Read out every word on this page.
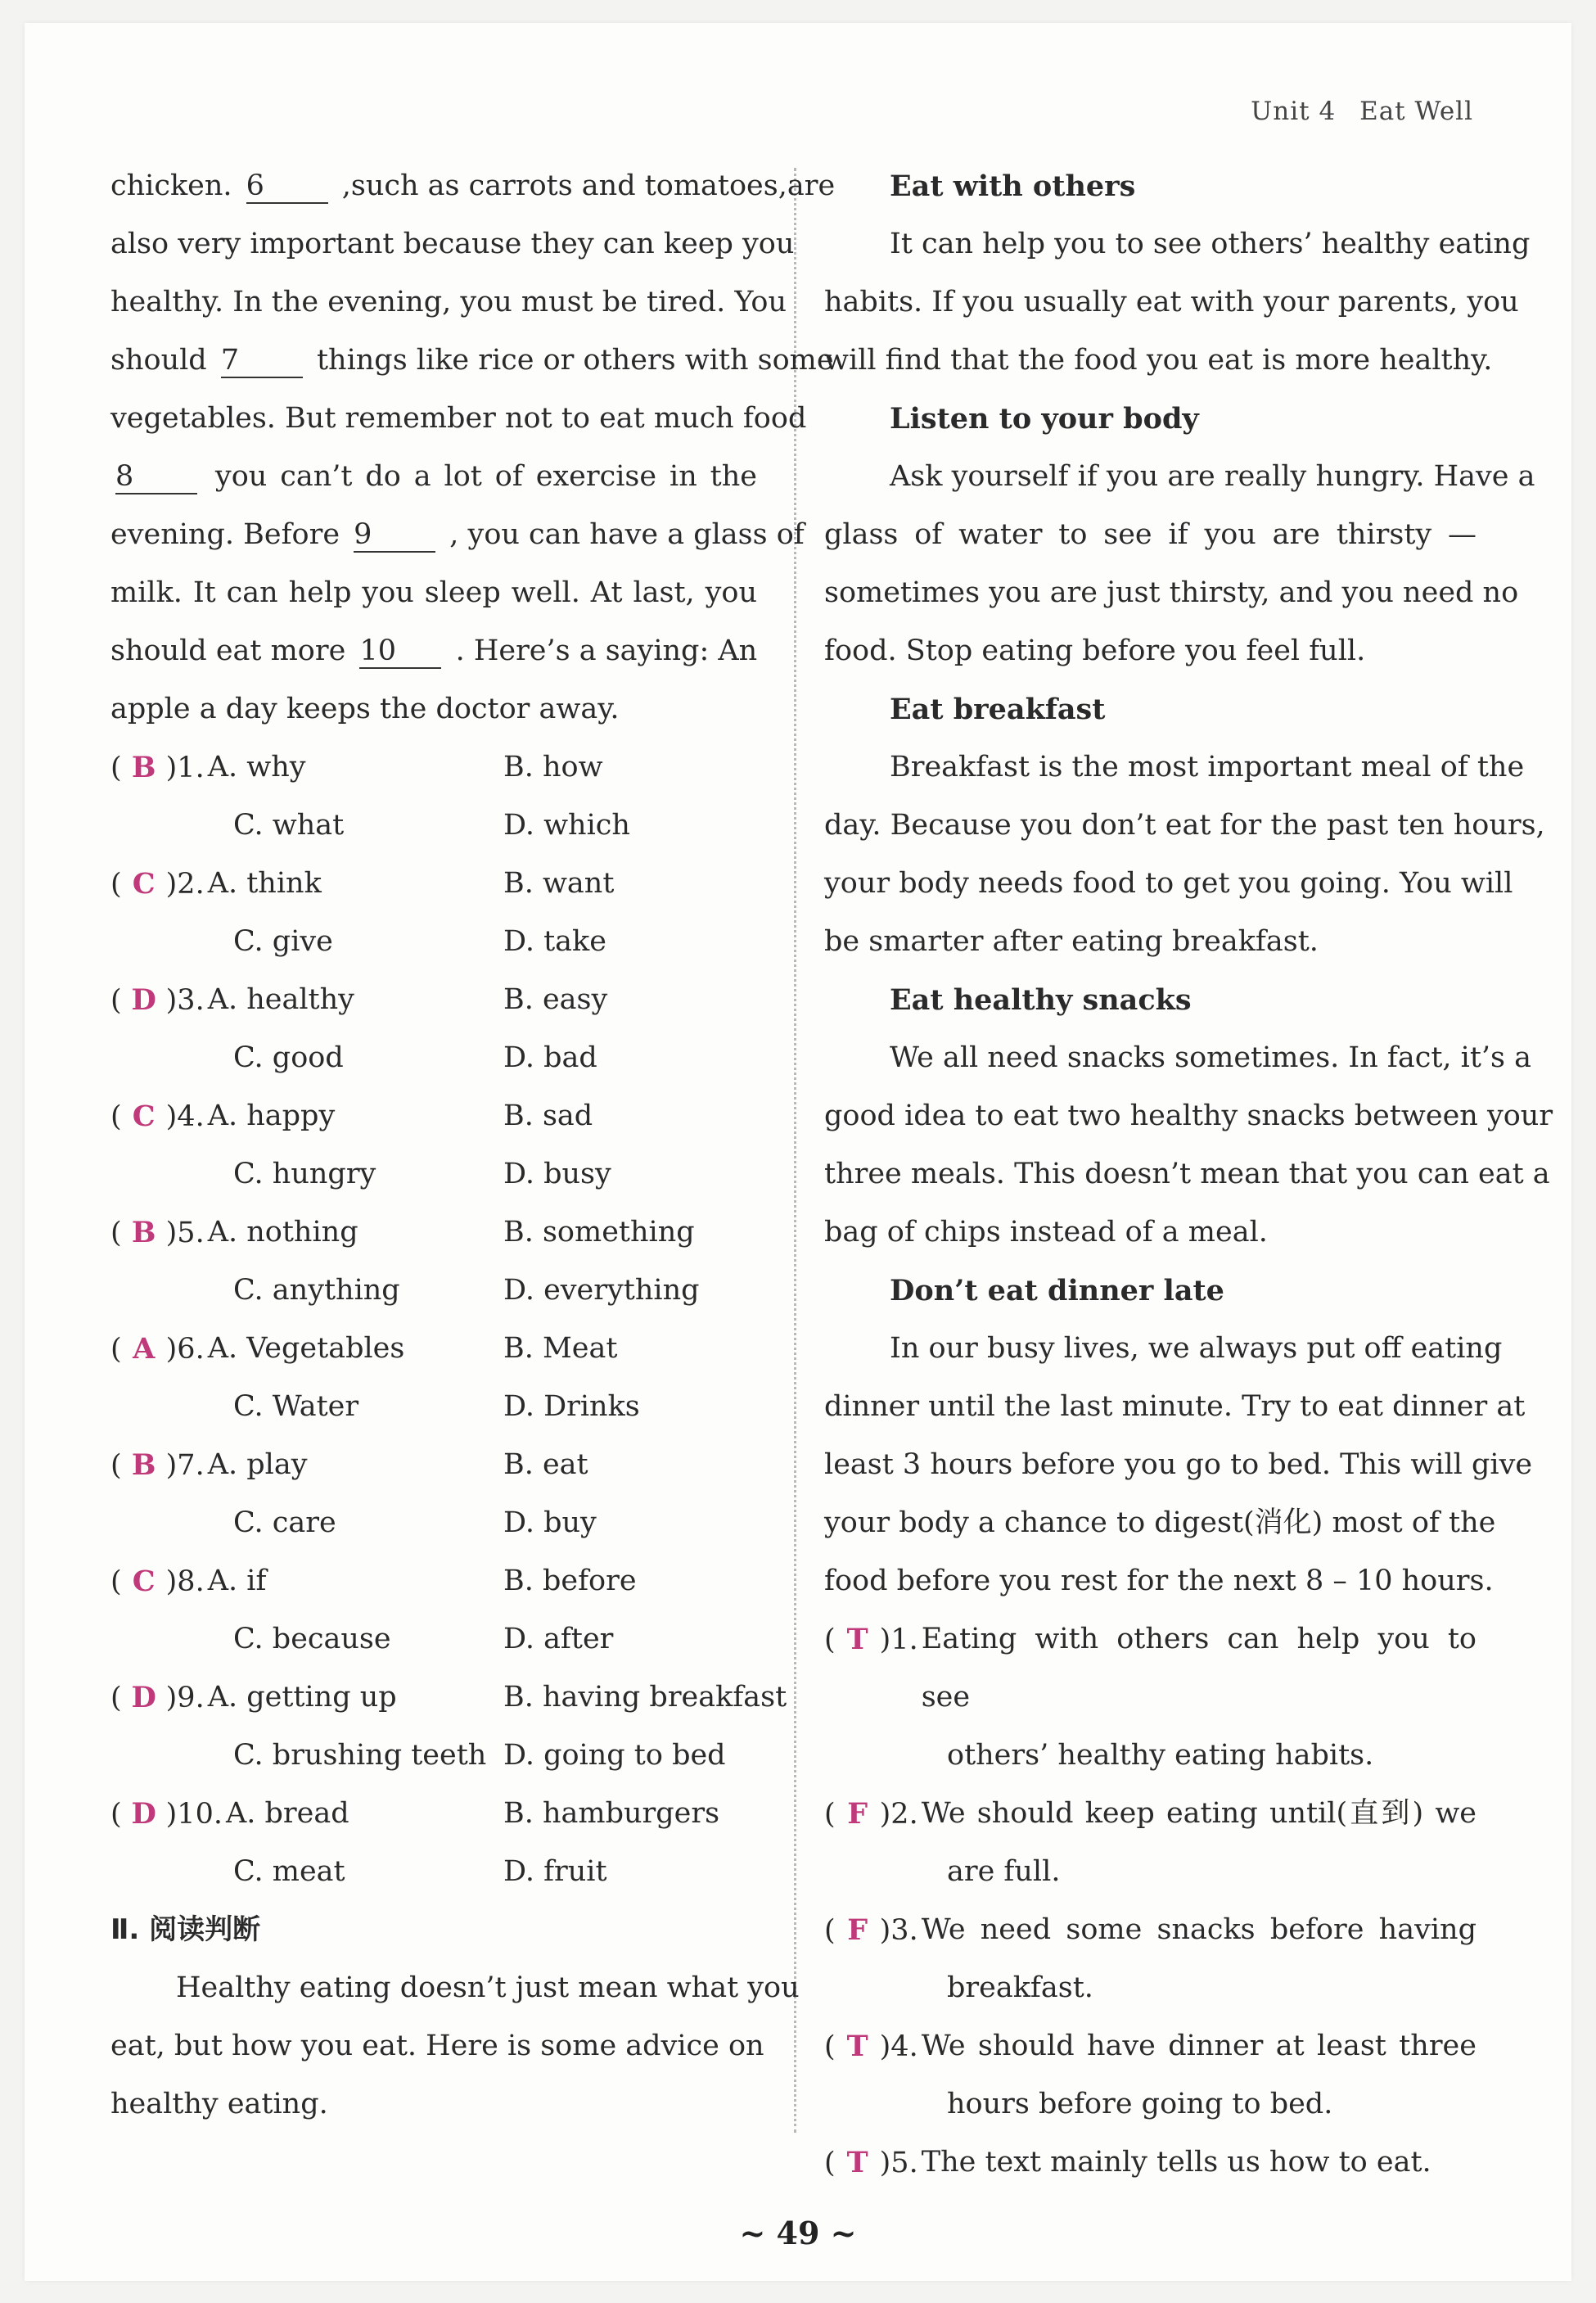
Unit 4 Eat Well
chicken. 6 ,such as carrots and tomatoes,are
also very important because they can keep you
healthy. In the evening, you must be tired. You
should 7 things like rice or others with some
vegetables. But remember not to eat much food
8 you can’t do a lot of exercise in the
evening. Before 9 , you can have a glass of
milk. It can help you sleep well. At last, you
should eat more 10 . Here’s a saying: An
apple a day keeps the doctor away.
( B )1. A. why	B. how
C. what	D. which
( C )2. A. think	B. want
C. give	D. take
( D )3. A. healthy	B. easy
C. good	D. bad
( C )4. A. happy	B. sad
C. hungry	D. busy
( B )5. A. nothing	B. something
C. anything	D. everything
( A )6. A. Vegetables	B. Meat
C. Water	D. Drinks
( B )7. A. play	B. eat
C. care	D. buy
( C )8. A. if	B. before
C. because	D. after
( D )9. A. getting up	B. having breakfast
C. brushing teeth D. going to bed
( D )10. A. bread	B. hamburgers
C. meat	D. fruit
Ⅱ. 阅读判断
Healthy eating doesn’t just mean what you
eat, but how you eat. Here is some advice on
healthy eating.
Eat with others
It can help you to see others’ healthy eating
habits. If you usually eat with your parents, you
will find that the food you eat is more healthy.
Listen to your body
Ask yourself if you are really hungry. Have a
glass of water to see if you are thirsty —
sometimes you are just thirsty, and you need no
food. Stop eating before you feel full.
Eat breakfast
Breakfast is the most important meal of the
day. Because you don’t eat for the past ten hours,
your body needs food to get you going. You will
be smarter after eating breakfast.
Eat healthy snacks
We all need snacks sometimes. In fact, it’s a
good idea to eat two healthy snacks between your
three meals. This doesn’t mean that you can eat a
bag of chips instead of a meal.
Don’t eat dinner late
In our busy lives, we always put off eating
dinner until the last minute. Try to eat dinner at
least 3 hours before you go to bed. This will give
your body a chance to digest(消化) most of the
food before you rest for the next 8 – 10 hours.
( T )1. Eating with others can help you to see
others’ healthy eating habits.
( F )2. We should keep eating until(直到) we
are full.
( F )3. We need some snacks before having
breakfast.
( T )4. We should have dinner at least three
hours before going to bed.
( T )5. The text mainly tells us how to eat.
~ 49 ~
